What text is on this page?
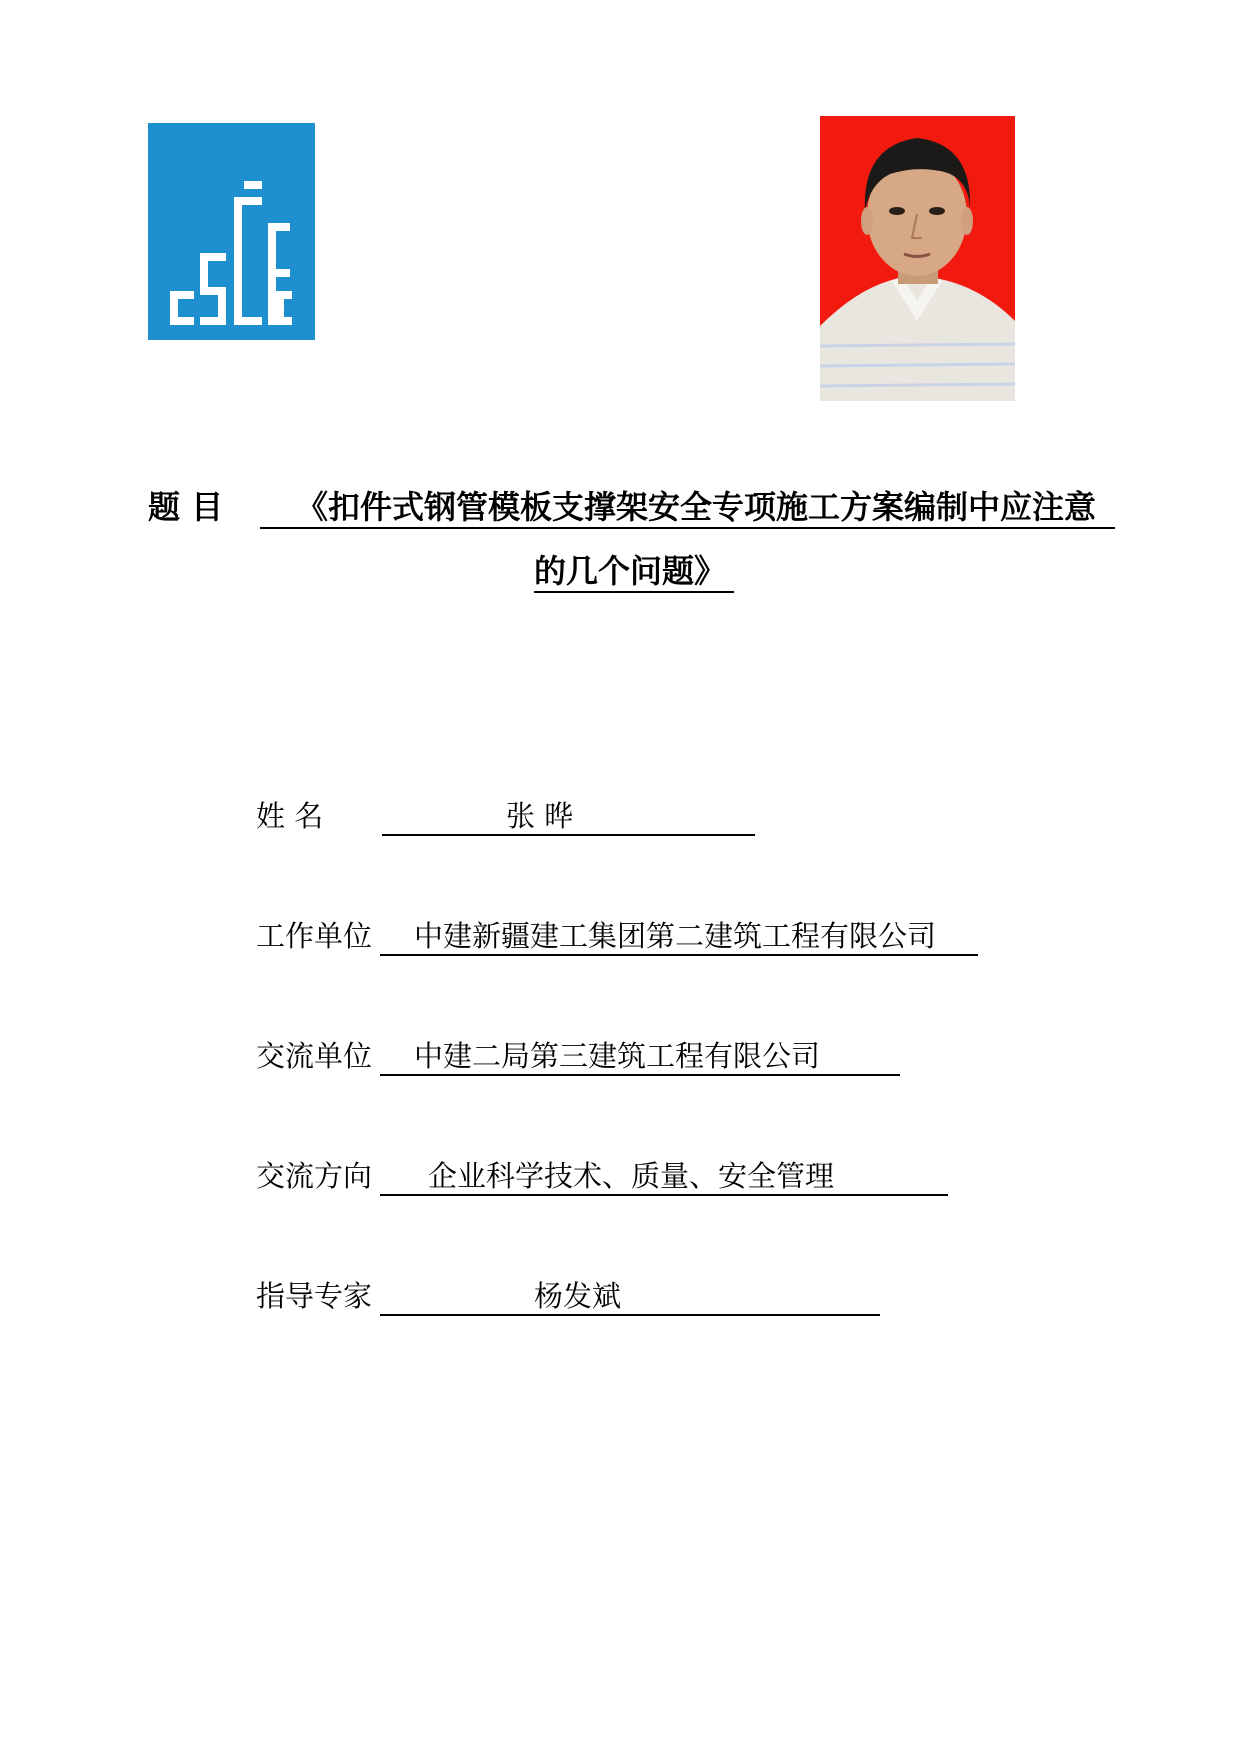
题 目	《扣件式钢管模板支撑架安全专项施工方案编制中应注意
的几个问题》
姓 名	张 晔
工作单位 中建新疆建工集团第二建筑工程有限公司
交流单位 中建二局第三建筑工程有限公司
交流方向 企业科学技术、质量、安全管理
指导专家	杨发斌
